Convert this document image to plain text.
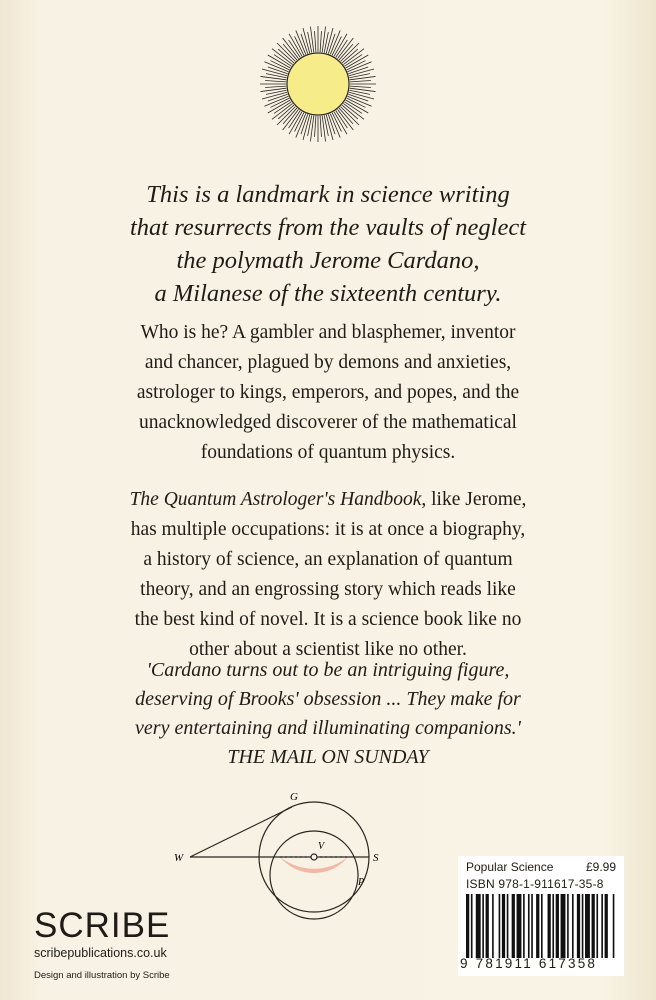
This is a landmark in science writing
that resurrects from the vaults of neglect
the polymath Jerome Cardano,
a Milanese of the sixteenth century.
Who is he? A gambler and blasphemer, inventor
and chancer, plagued by demons and anxieties,
astrologer to kings, emperors, and popes, and the
unacknowledged discoverer of the mathematical
foundations of quantum physics.
The Quantum Astrologer's Handbook, like Jerome,
has multiple occupations: it is at once a biography,
a history of science, an explanation of quantum
theory, and an engrossing story which reads like
the best kind of novel. It is a science book like no
other about a scientist like no other.
'Cardano turns out to be an intriguing figure,
deserving of Brooks' obsession ... They make for
very entertaining and illuminating companions.'
THE MAIL ON SUNDAY
G
W
V
S
P
SCRIBE
scribepublications.co.uk
Design and illustration by Scribe
Popular Science	£9.99
ISBN 978-1-911617-35-8
9 781911 617358
